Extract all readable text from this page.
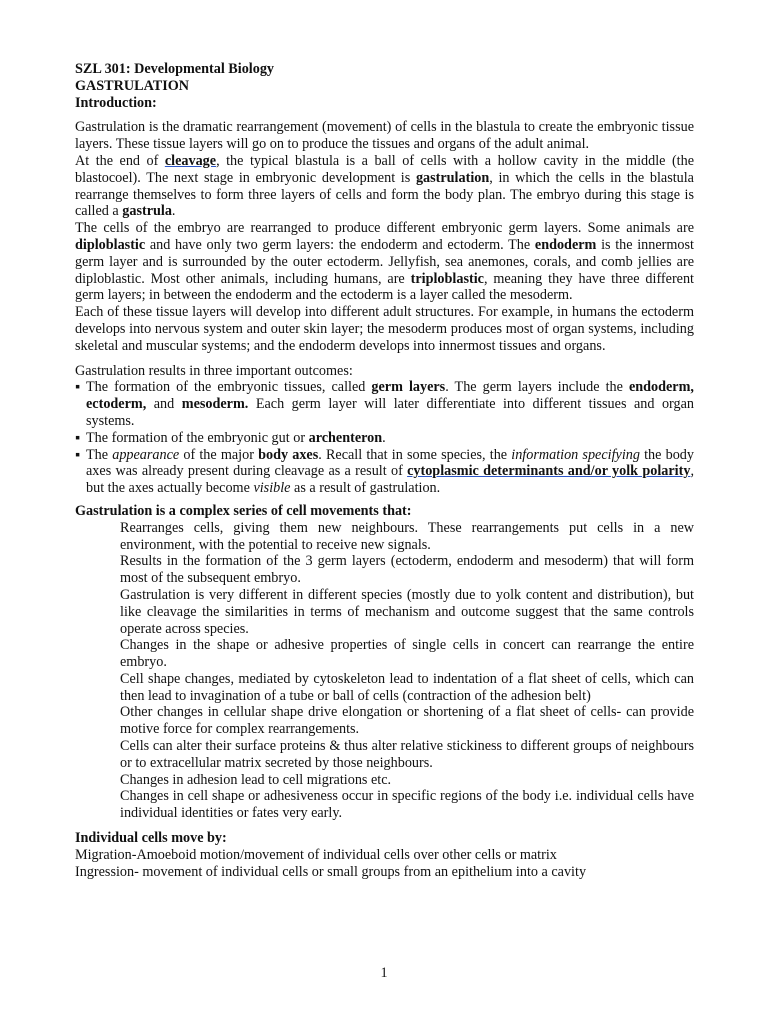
SZL 301: Developmental Biology
GASTRULATION
Introduction:

Gastrulation is the dramatic rearrangement (movement) of cells in the blastula to create the embryonic tissue layers. These tissue layers will go on to produce the tissues and organs of the adult animal.

At the end of cleavage, the typical blastula is a ball of cells with a hollow cavity in the middle (the blastocoel). The next stage in embryonic development is gastrulation, in which the cells in the blastula rearrange themselves to form three layers of cells and form the body plan. The embryo during this stage is called a gastrula.

The cells of the embryo are rearranged to produce different embryonic germ layers. Some animals are diploblastic and have only two germ layers: the endoderm and ectoderm. The endoderm is the innermost germ layer and is surrounded by the outer ectoderm. Jellyfish, sea anemones, corals, and comb jellies are diploblastic. Most other animals, including humans, are triploblastic, meaning they have three different germ layers; in between the endoderm and the ectoderm is a layer called the mesoderm.

Each of these tissue layers will develop into different adult structures. For example, in humans the ectoderm develops into nervous system and outer skin layer; the mesoderm produces most of organ systems, including skeletal and muscular systems; and the endoderm develops into innermost tissues and organs.

Gastrulation results in three important outcomes:

▪ The formation of the embryonic tissues, called germ layers. The germ layers include the endoderm, ectoderm, and mesoderm. Each germ layer will later differentiate into different tissues and organ systems.
▪ The formation of the embryonic gut or archenteron.
▪ The appearance of the major body axes. Recall that in some species, the information specifying the body axes was already present during cleavage as a result of cytoplasmic determinants and/or yolk polarity, but the axes actually become visible as a result of gastrulation.
Gastrulation is a complex series of cell movements that:

Rearranges cells, giving them new neighbours. These rearrangements put cells in a new environment, with the potential to receive new signals.

Results in the formation of the 3 germ layers (ectoderm, endoderm and mesoderm) that will form most of the subsequent embryo.

Gastrulation is very different in different species (mostly due to yolk content and distribution), but like cleavage the similarities in terms of mechanism and outcome suggest that the same controls operate across species.

Changes in the shape or adhesive properties of single cells in concert can rearrange the entire embryo.

Cell shape changes, mediated by cytoskeleton lead to indentation of a flat sheet of cells, which can then lead to invagination of a tube or ball of cells (contraction of the adhesion belt)

Other changes in cellular shape drive elongation or shortening of a flat sheet of cells- can provide motive force for complex rearrangements.

Cells can alter their surface proteins & thus alter relative stickiness to different groups of neighbours or to extracellular matrix secreted by those neighbours.

Changes in adhesion lead to cell migrations etc.

Changes in cell shape or adhesiveness occur in specific regions of the body i.e. individual cells have individual identities or fates very early.

Individual cells move by:

Migration-Amoeboid motion/movement of individual cells over other cells or matrix

Ingression- movement of individual cells or small groups from an epithelium into a cavity

1
